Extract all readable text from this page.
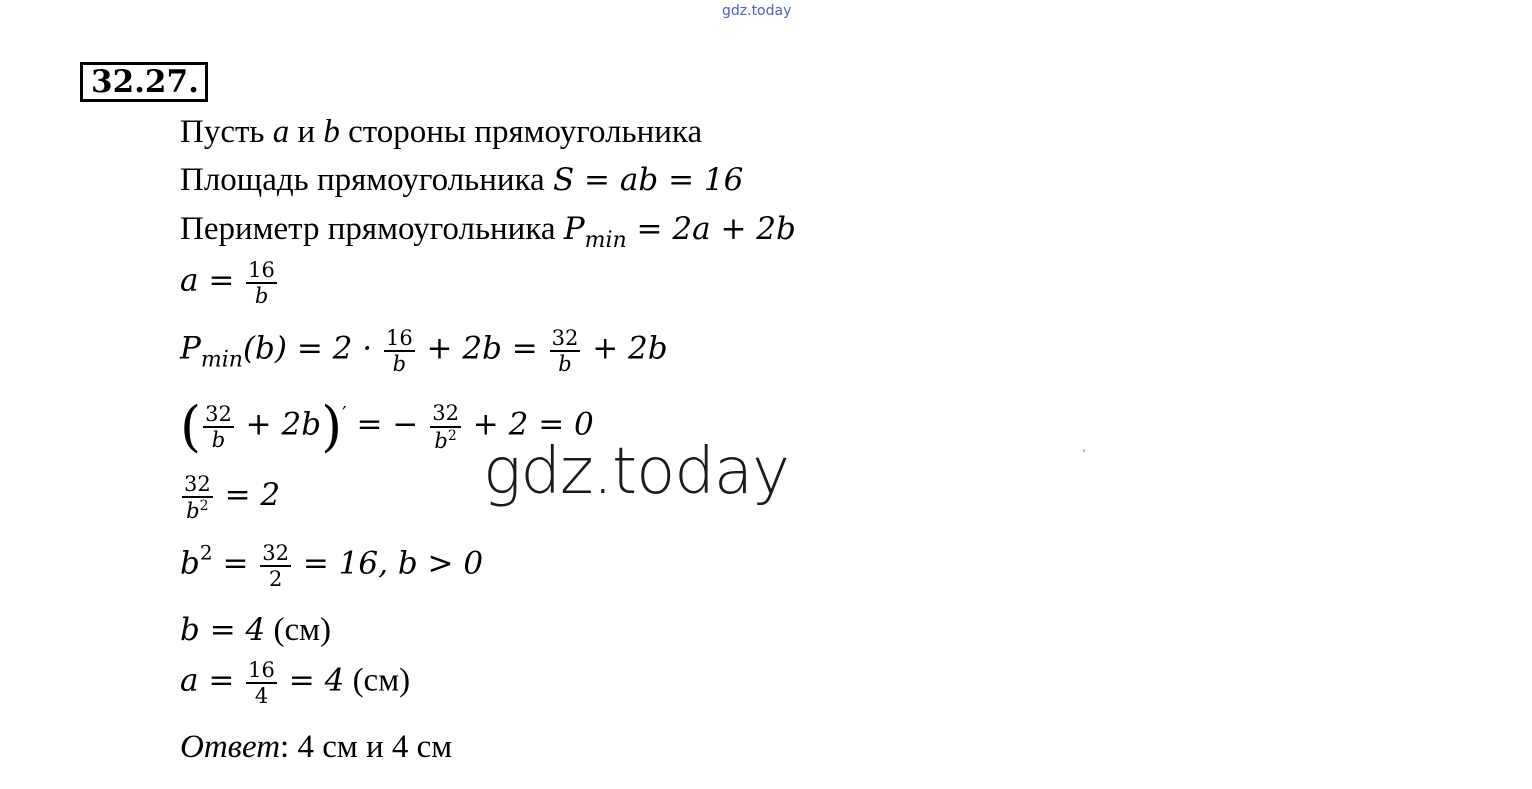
gdz.today
32.27.
Пусть a и b стороны прямоугольника
Площадь прямоугольника S = ab = 16
Периметр прямоугольника $P_{min} = 2a + 2b$
$a = \frac{16}{b}$
$P_{min}(b) = 2 \cdot \frac{16}{b} + 2b = \frac{32}{b} + 2b$
( $\frac{32}{b} + 2b)'$ = − $\frac{32}{b^2} + 2 = 0$
$\frac{32}{b^2} = 2$
$b^2 = \frac{32}{2} = 16$, b > 0
b = 4 (см)
$a = \frac{16}{4} = 4$ (см)
Ответ: 4 см и 4 см
gdz.today	'
